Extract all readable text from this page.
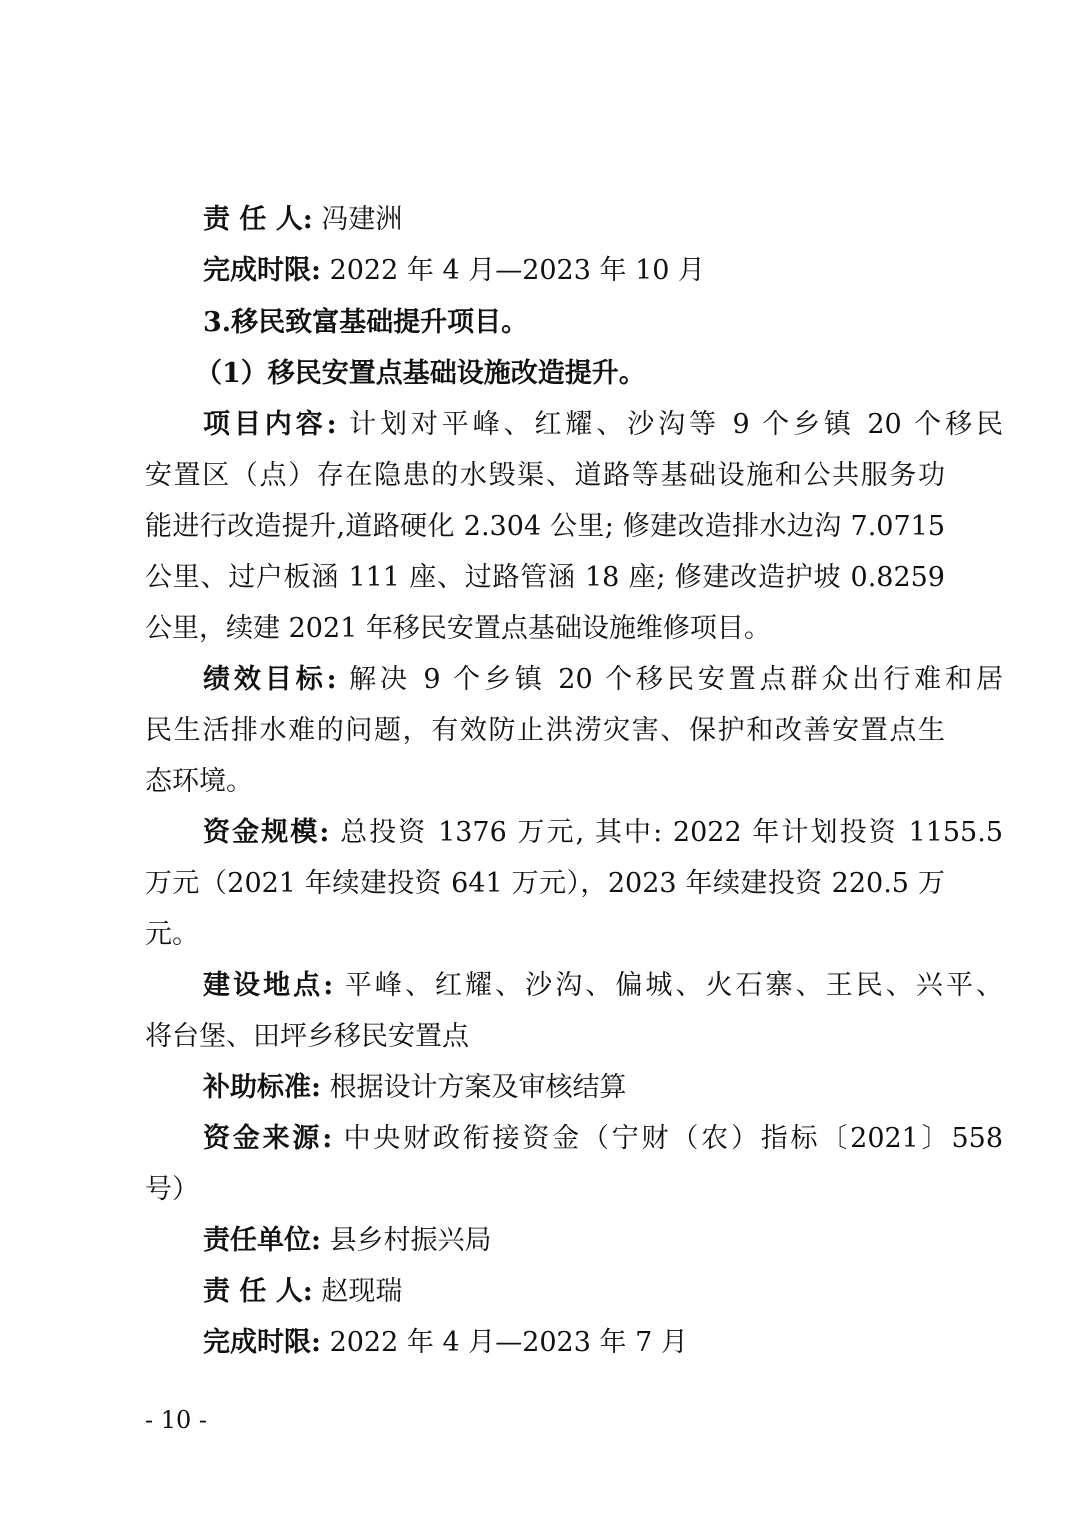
责 任 人: 冯建洲
完成时限: 2022 年 4 月—2023 年 10 月
3.移民致富基础提升项目。
（1）移民安置点基础设施改造提升。
项目内容: 计划对平峰、红耀、沙沟等 9 个乡镇 20 个移民
安置区（点）存在隐患的水毁渠、道路等基础设施和公共服务功
能进行改造提升,道路硬化 2.304 公里; 修建改造排水边沟 7.0715
公里、过户板涵 111 座、过路管涵 18 座; 修建改造护坡 0.8259
公里，续建 2021 年移民安置点基础设施维修项目。
绩效目标: 解决 9 个乡镇 20 个移民安置点群众出行难和居
民生活排水难的问题，有效防止洪涝灾害、保护和改善安置点生
态环境。
资金规模: 总投资 1376 万元, 其中: 2022 年计划投资 1155.5
万元（2021 年续建投资 641 万元），2023 年续建投资 220.5 万
元。
建设地点: 平峰、红耀、沙沟、偏城、火石寨、王民、兴平、
将台堡、田坪乡移民安置点
补助标准: 根据设计方案及审核结算
资金来源: 中央财政衔接资金（宁财（农）指标〔2021〕558
号）
责任单位: 县乡村振兴局
责 任 人: 赵现瑞
完成时限: 2022 年 4 月—2023 年 7 月
- 10 -
